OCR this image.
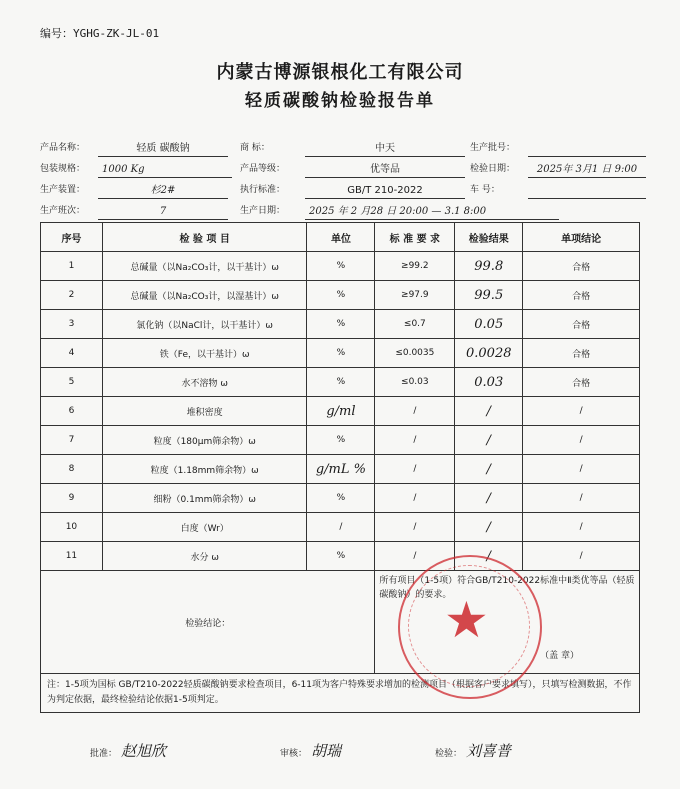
编号：YGHG-ZK-JL-01
内蒙古博源银根化工有限公司
轻质碳酸钠检验报告单
产品名称：	轻质 碳酸钠	商 标：	中天	生产批号：
包装规格：	1000 Kg	产品等级：	优等品	检验日期：	2025年 3月1 日 9:00
生产装置：	杉2#	执行标准：	GB/T 210-2022	车 号：
生产班次：	7	生产日期：	2025 年 2 月28 日 20:00 — 3.1 8:00
序号	检 验 项 目	单位	标 准 要 求	检验结果	单项结论
1	总碱量（以Na₂CO₃计，以干基计）ω	%	≥99.2	99.8	合格
2	总碱量（以Na₂CO₃计，以湿基计）ω	%	≥97.9	99.5	合格
3	氯化钠（以NaCl计，以干基计）ω	%	≤0.7	0.05	合格
4	铁（Fe，以干基计）ω	%	≤0.0035	0.0028	合格
5	水不溶物 ω	%	≤0.03	0.03	合格
6	堆积密度	g/ml	/	/	/
7	粒度（180μm筛余物）ω	%	/	/	/
8	粒度（1.18mm筛余物）ω	g/mL %	/	/	/
9	细粉（0.1mm筛余物）ω	%	/	/	/
10	白度（Wr）	/	/	/	/
11	水分 ω	%	/	/	/
检验结论：			所有项目（1-5项）符合GB/T210-2022标准中Ⅱ类优等品（轻质碳酸钠）的要求。
（盖 章）		

注：1-5项为国标 GB/T210-2022轻质碳酸钠要求检查项目，6-11项为客户特殊要求增加的检测项目（根据客户要求填写），只填写检测数据，不作为判定依据，最终检验结论依据1-5项判定。					
★
批准： 赵旭欣	审核： 胡瑞	检验： 刘喜普
